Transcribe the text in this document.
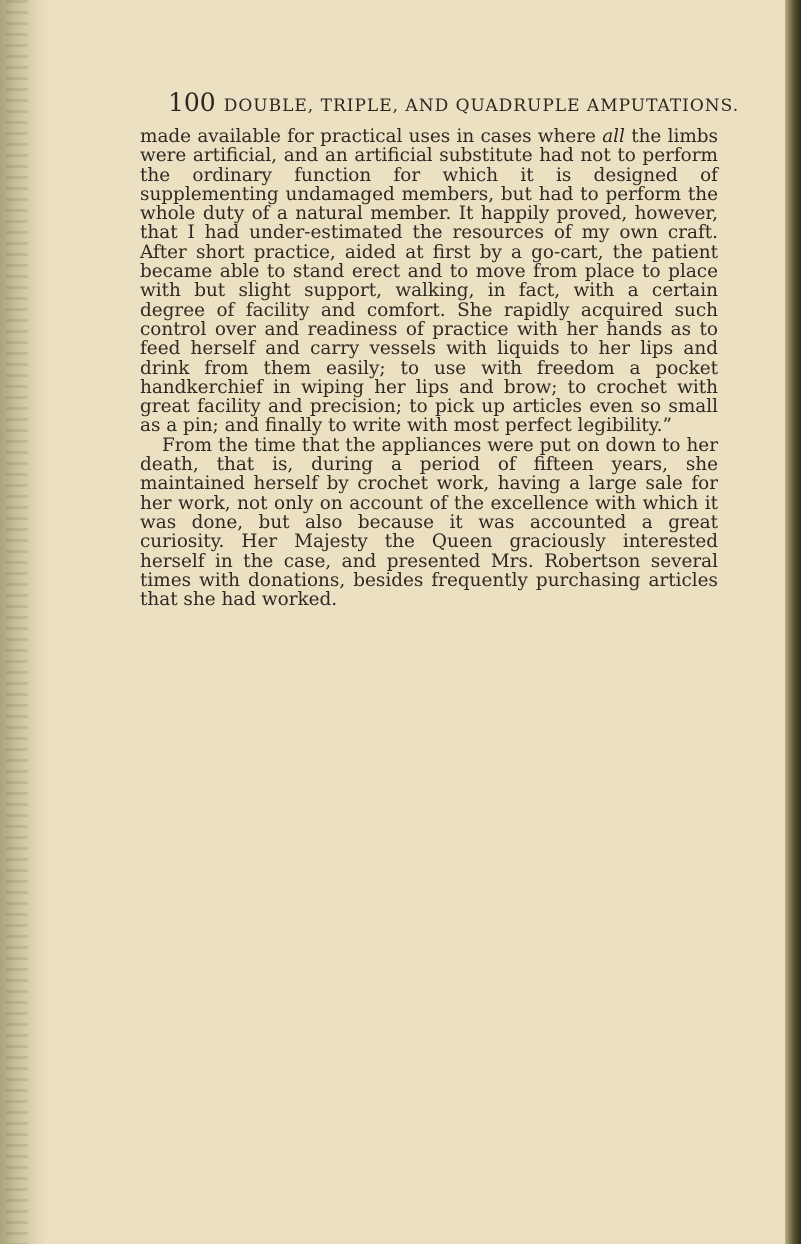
100 DOUBLE, TRIPLE, AND QUADRUPLE AMPUTATIONS.

made available for practical uses in cases where all the limbs were artificial, and an artificial substitute had not to perform the ordinary function for which it is designed of supplementing undamaged members, but had to perform the whole duty of a natural member. It happily proved, however, that I had under-estimated the resources of my own craft. After short practice, aided at first by a go-cart, the patient became able to stand erect and to move from place to place with but slight support, walking, in fact, with a certain degree of facility and comfort. She rapidly acquired such control over and readiness of practice with her hands as to feed herself and carry vessels with liquids to her lips and drink from them easily; to use with freedom a pocket handkerchief in wiping her lips and brow; to crochet with great facility and precision; to pick up articles even so small as a pin; and finally to write with most perfect legibility.”

From the time that the appliances were put on down to her death, that is, during a period of fifteen years, she maintained herself by crochet work, having a large sale for her work, not only on account of the excellence with which it was done, but also because it was accounted a great curiosity. Her Majesty the Queen graciously interested herself in the case, and presented Mrs. Robertson several times with donations, besides frequently purchasing articles that she had worked.
